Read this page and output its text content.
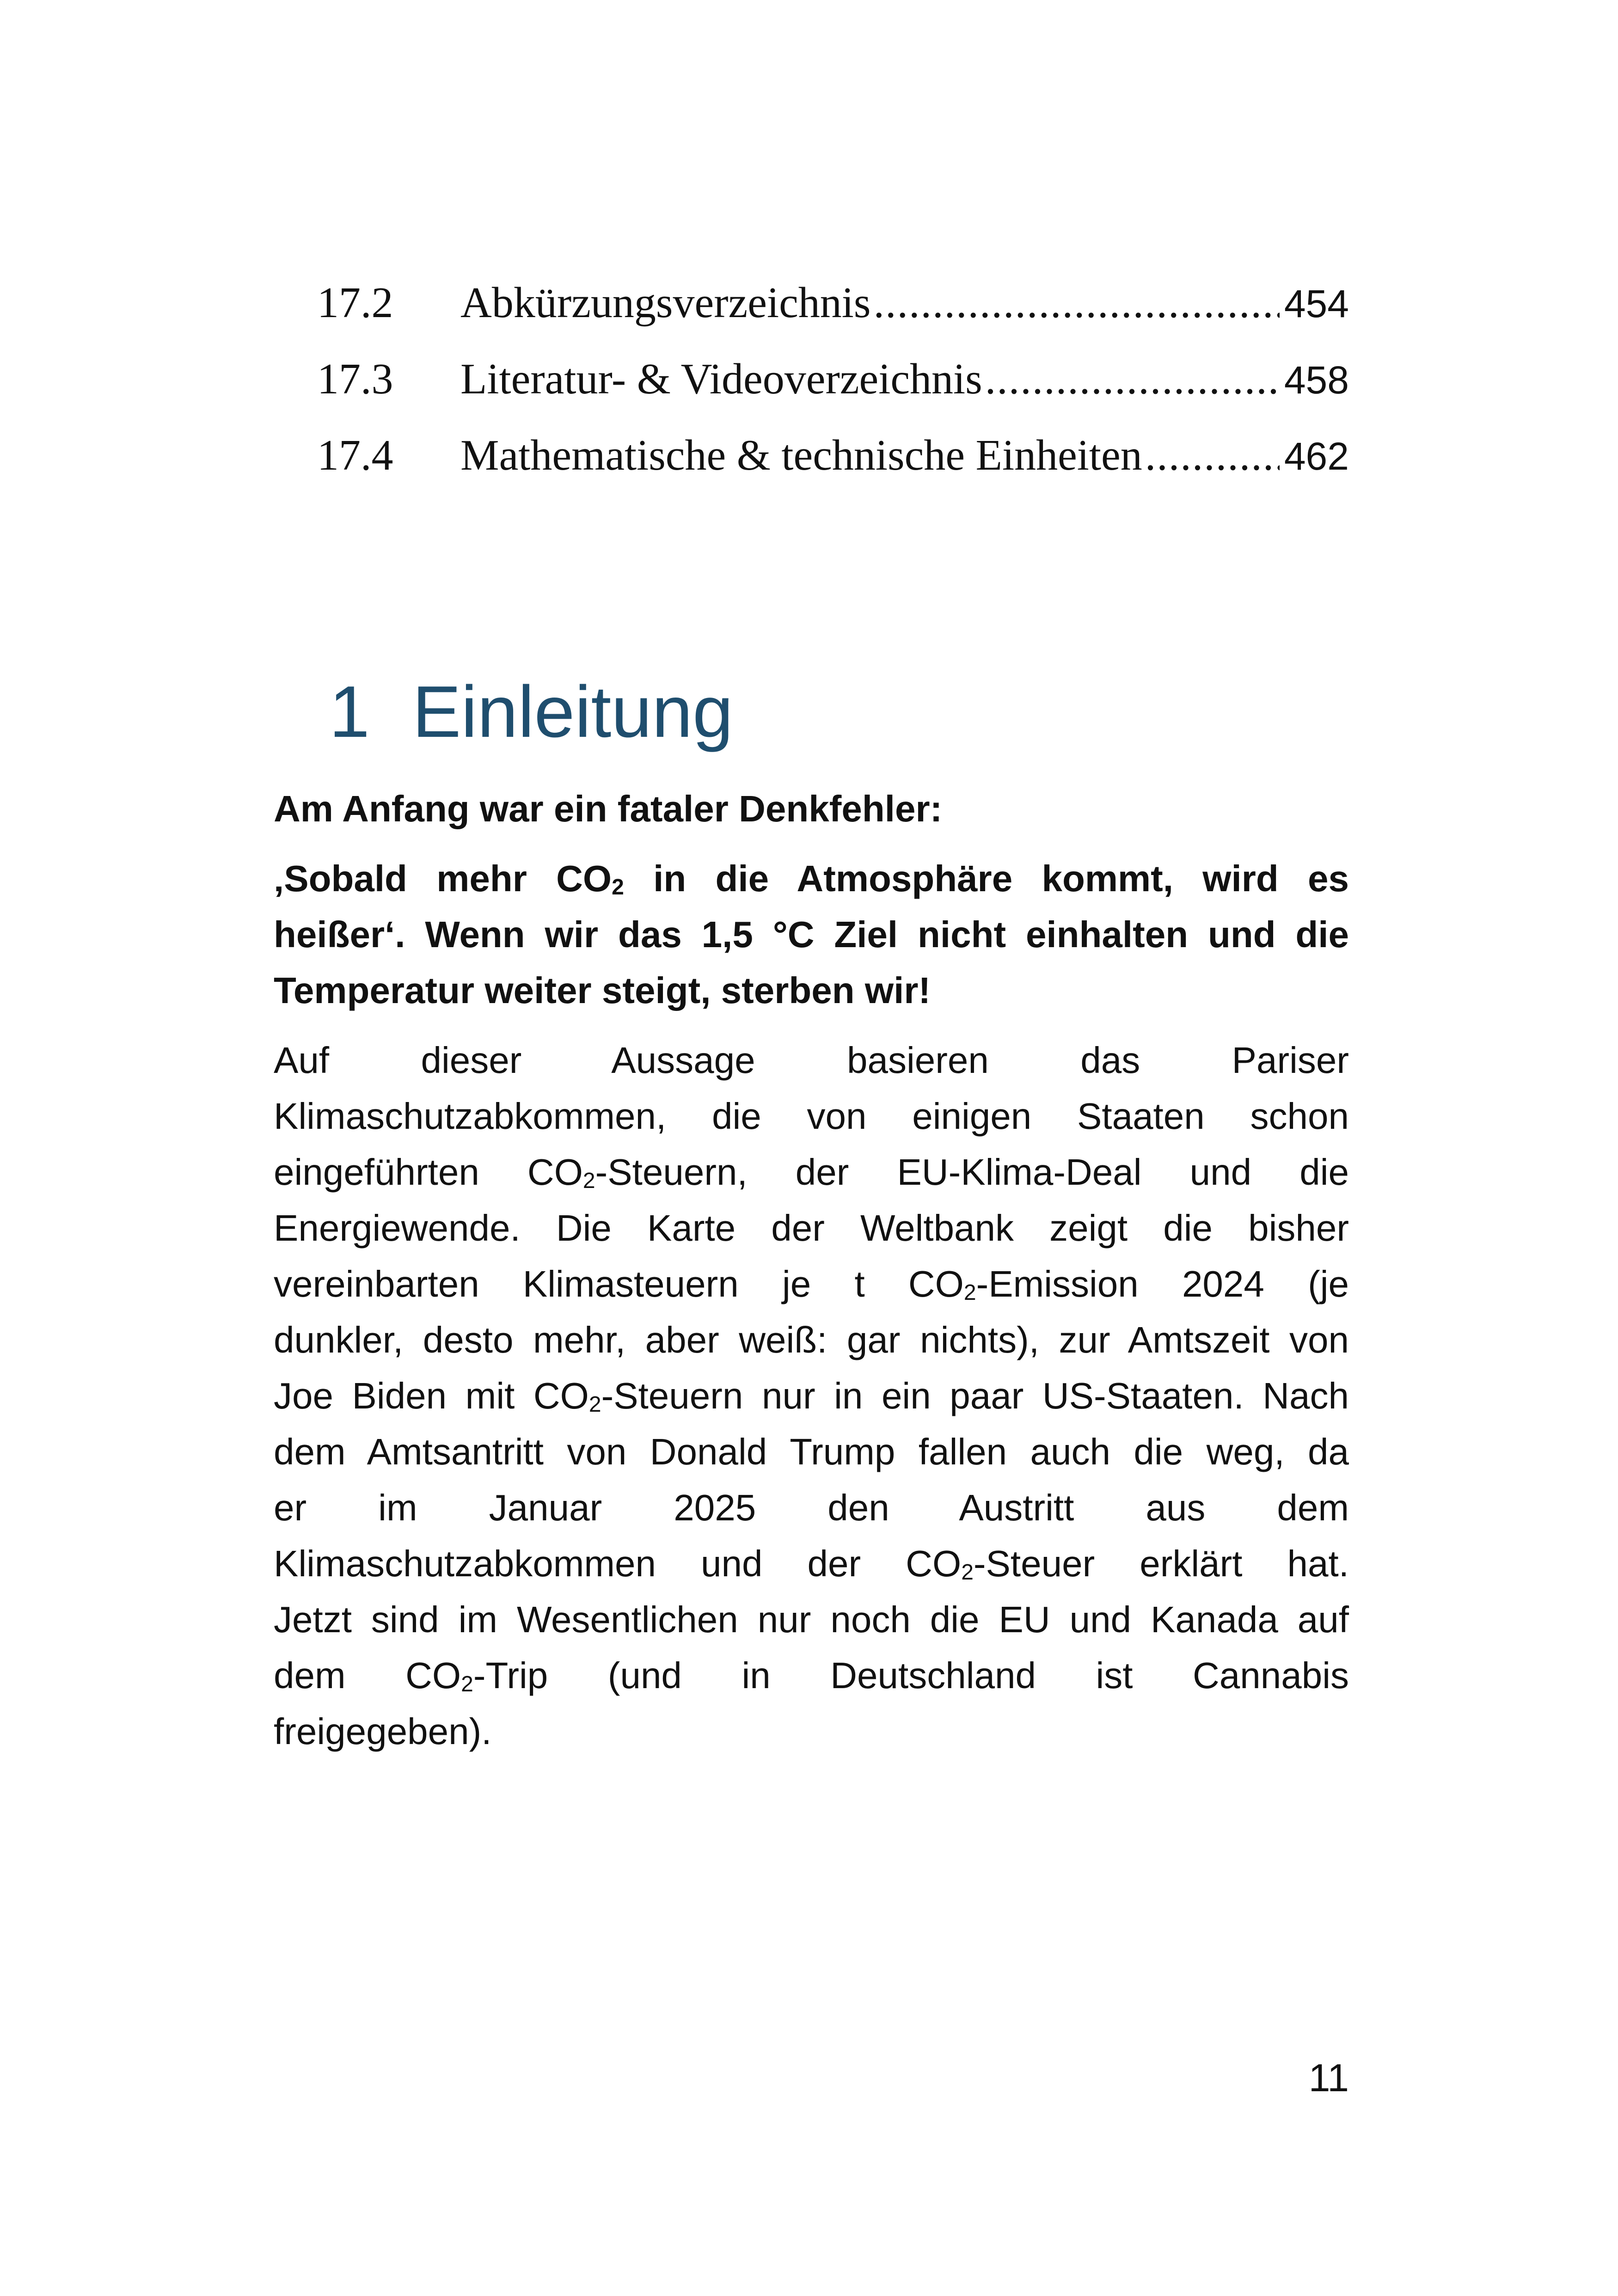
17.2	Abkürzungsverzeichnis .....	454
17.3	Literatur- & Videoverzeichnis .....	458
17.4	Mathematische & technische Einheiten .....	462
1 Einleitung

Am Anfang war ein fataler Denkfehler:

‚Sobald mehr $CO_2$ in die Atmosphäre kommt, wird es
heißer‘. Wenn wir das 1,5 °C Ziel nicht einhalten und die
Temperatur weiter steigt, sterben wir!

Auf dieser Aussage basieren das Pariser
Klimaschutzabkommen, die von einigen Staaten schon
eingeführten $CO_2$-Steuern, der EU-Klima-Deal und die
Energiewende. Die Karte der Weltbank zeigt die bisher
vereinbarten Klimasteuern je t $CO_2$-Emission 2024 (je
dunkler, desto mehr, aber weiß: gar nichts), zur Amtszeit von
Joe Biden mit $CO_2$-Steuern nur in ein paar US-Staaten. Nach
dem Amtsantritt von Donald Trump fallen auch die weg, da
er im Januar 2025 den Austritt aus dem
Klimaschutzabkommen und der $CO_2$-Steuer erklärt hat.
Jetzt sind im Wesentlichen nur noch die EU und Kanada auf
dem $CO_2$-Trip (und in Deutschland ist Cannabis
freigegeben).

11
